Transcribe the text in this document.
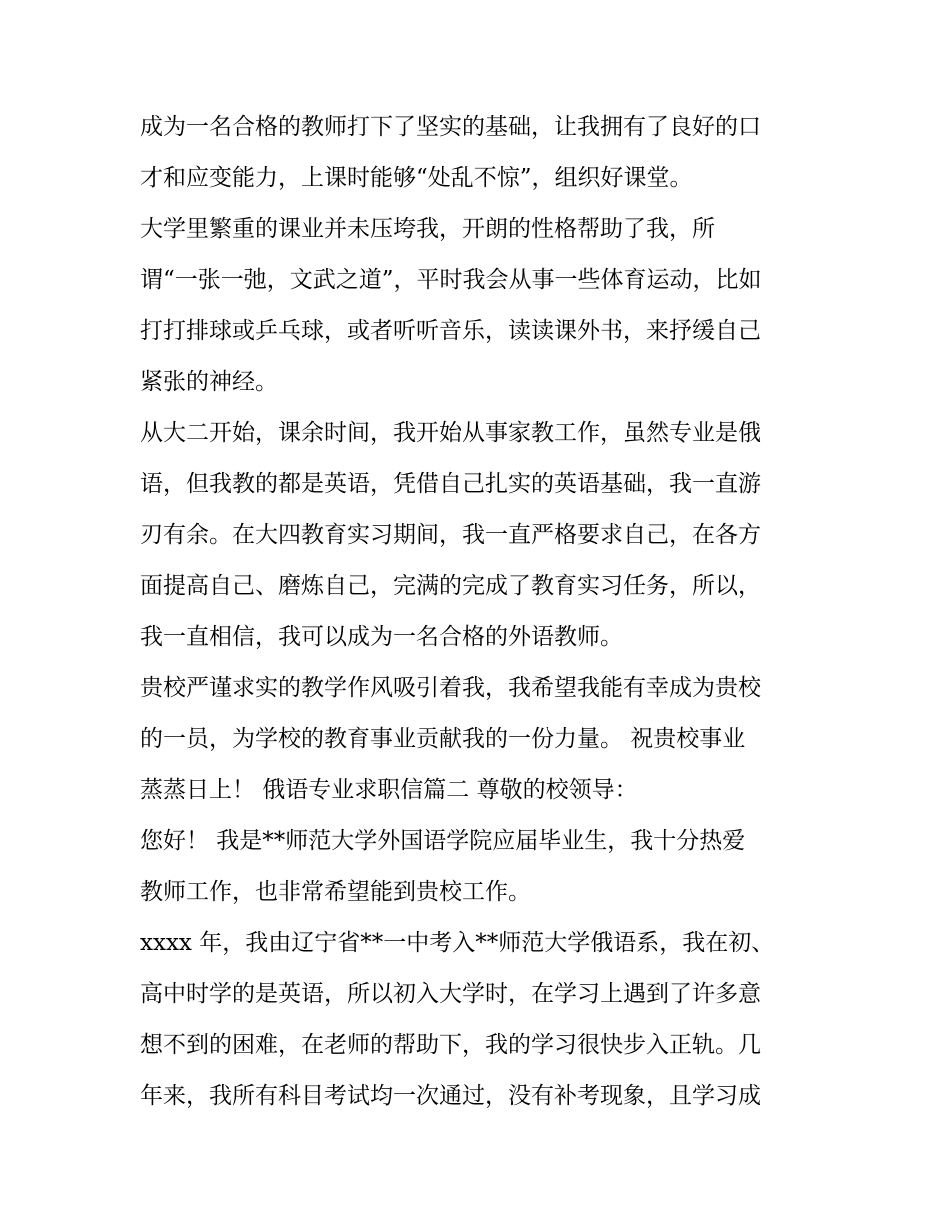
成为一名合格的教师打下了坚实的基础，让我拥有了良好的口
才和应变能力，上课时能够“处乱不惊”，组织好课堂。
大学里繁重的课业并未压垮我，开朗的性格帮助了我，所
谓“一张一弛，文武之道”，平时我会从事一些体育运动，比如
打打排球或乒乓球，或者听听音乐，读读课外书，来抒缓自己
紧张的神经。
从大二开始，课余时间，我开始从事家教工作，虽然专业是俄
语，但我教的都是英语，凭借自己扎实的英语基础，我一直游
刃有余。在大四教育实习期间，我一直严格要求自己，在各方
面提高自己、磨炼自己，完满的完成了教育实习任务，所以，
我一直相信，我可以成为一名合格的外语教师。
贵校严谨求实的教学作风吸引着我，我希望我能有幸成为贵校
的一员，为学校的教育事业贡献我的一份力量。 祝贵校事业
蒸蒸日上！ 俄语专业求职信篇二 尊敬的校领导：
您好！ 我是**师范大学外国语学院应届毕业生，我十分热爱
教师工作，也非常希望能到贵校工作。
xxxx 年，我由辽宁省**一中考入**师范大学俄语系，我在初、
高中时学的是英语，所以初入大学时，在学习上遇到了许多意
想不到的困难，在老师的帮助下，我的学习很快步入正轨。几
年来，我所有科目考试均一次通过，没有补考现象，且学习成
